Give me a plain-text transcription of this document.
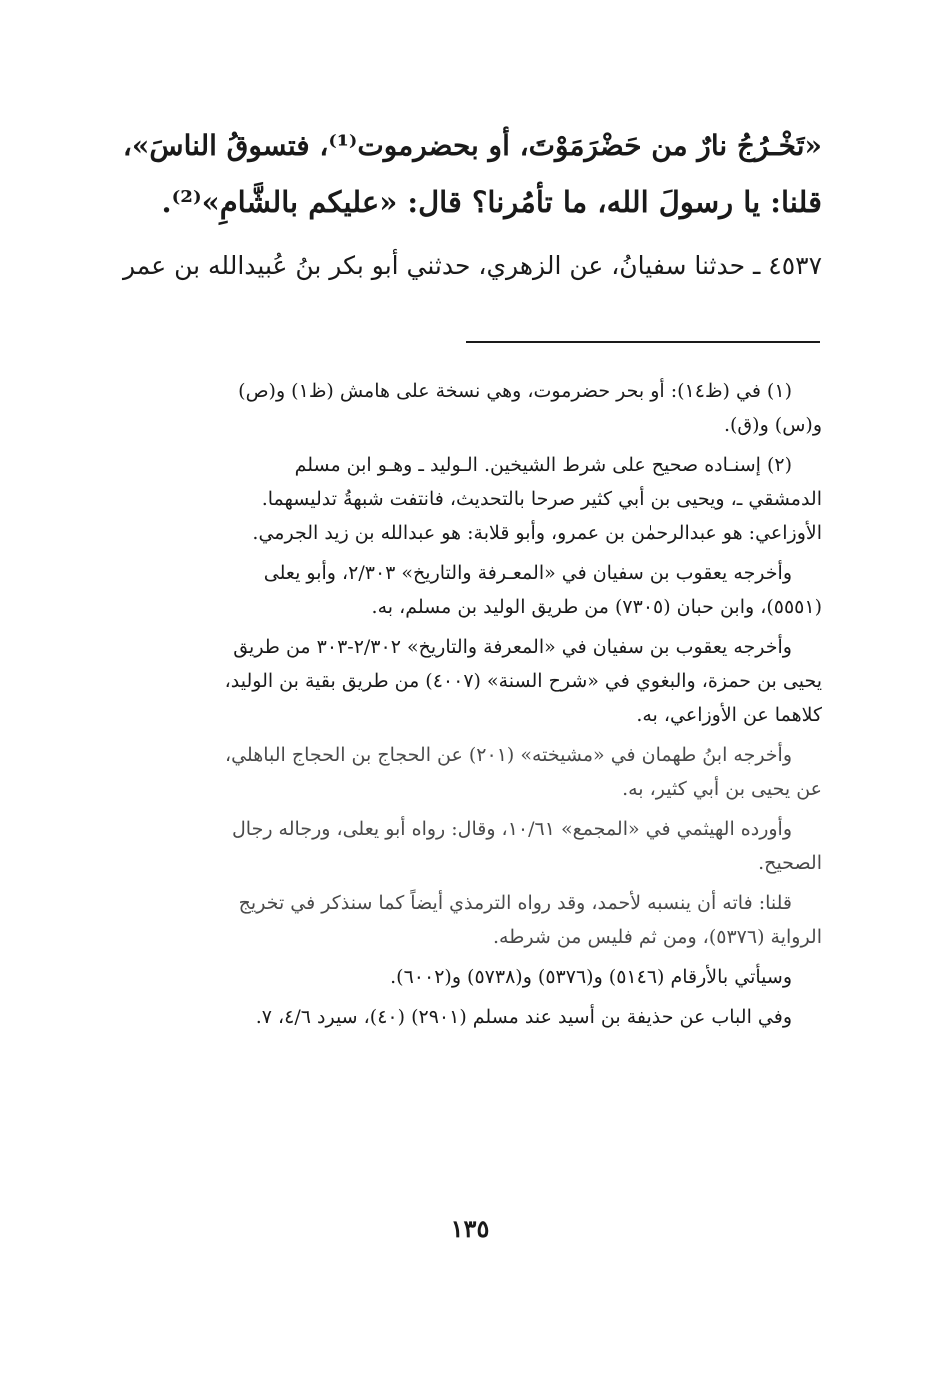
«تَخْـرُجُ نارٌ من حَضْرَمَوْتَ، أو بحضرموت⁽¹⁾، فتسوقُ الناسَ»،
قلنا: يا رسولَ الله، ما تأمُرنا؟ قال: «عليكم بالشَّامِ»⁽²⁾.
٤٥٣٧ ـ حدثنا سفيانُ، عن الزهري، حدثني أبو بكر بنُ عُبيدالله بن عمر
(١) في (ظ١٤): أو بحر حضرموت، وهي نسخة على هامش (ظ١) و(ص)
و(س) و(ق).
(٢) إسنـاده صحيح على شرط الشيخين. الـوليد ـ وهـو ابن مسلم
الدمشقي ـ، ويحيى بن أبي كثير صرحا بالتحديث، فانتفت شبهةُ تدليسهما.
الأوزاعي: هو عبدالرحمٰن بن عمرو، وأبو قلابة: هو عبدالله بن زيد الجرمي.
وأخرجه يعقوب بن سفيان في «المعـرفة والتاريخ» ٢/٣٠٣، وأبو يعلى
(٥٥٥١)، وابن حبان (٧٣٠٥) من طريق الوليد بن مسلم، به.
وأخرجه يعقوب بن سفيان في «المعرفة والتاريخ» ٢/٣٠٢-٣٠٣ من طريق
يحيى بن حمزة، والبغوي في «شرح السنة» (٤٠٠٧) من طريق بقية بن الوليد،
كلاهما عن الأوزاعي، به.
وأخرجه ابنُ طهمان في «مشيخته» (٢٠١) عن الحجاج بن الحجاج الباهلي،
عن يحيى بن أبي كثير، به.
وأورده الهيثمي في «المجمع» ١٠/٦١، وقال: رواه أبو يعلى، ورجاله رجال
الصحيح.
قلنا: فاته أن ينسبه لأحمد، وقد رواه الترمذي أيضاً كما سنذكر في تخريج
الرواية (٥٣٧٦)، ومن ثم فليس من شرطه.
وسيأتي بالأرقام (٥١٤٦) و(٥٣٧٦) و(٥٧٣٨) و(٦٠٠٢).
وفي الباب عن حذيفة بن أسيد عند مسلم (٢٩٠١) (٤٠)، سيرد ٤/٦، ٧.
١٣٥
